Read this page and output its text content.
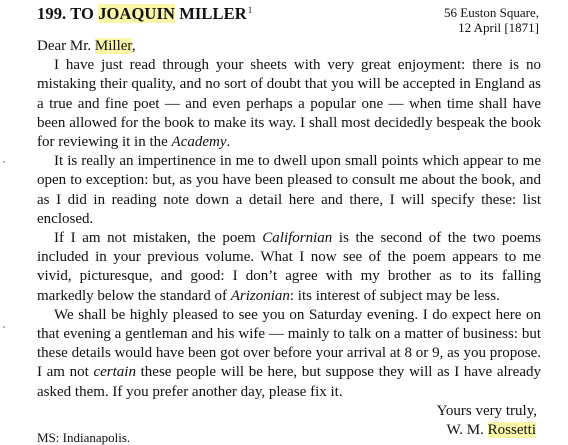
199. TO JOAQUIN MILLER$^1$	56 Euston Square,
12 April [1871]

Dear Mr. Miller,

I have just read through your sheets with very great enjoyment: there is no mistaking their quality, and no sort of doubt that you will be accepted in England as a true and fine poet — and even perhaps a popular one — when time shall have been allowed for the book to make its way. I shall most decidedly bespeak the book for reviewing it in the Academy.

It is really an impertinence in me to dwell upon small points which appear to me open to exception: but, as you have been pleased to consult me about the book, and as I did in reading note down a detail here and there, I will specify these: list enclosed.

If I am not mistaken, the poem Californian is the second of the two poems included in your previous volume. What I now see of the poem appears to me vivid, picturesque, and good: I don’t agree with my brother as to its falling markedly below the standard of Arizonian: its interest of subject may be less.

We shall be highly pleased to see you on Saturday evening. I do expect here on that evening a gentleman and his wife — mainly to talk on a matter of business: but these details would have been got over before your arrival at 8 or 9, as you propose. I am not certain these people will be here, but suppose they will as I have already asked them. If you prefer another day, please fix it.

Yours very truly,

W. M. Rossetti

MS: Indianapolis.
